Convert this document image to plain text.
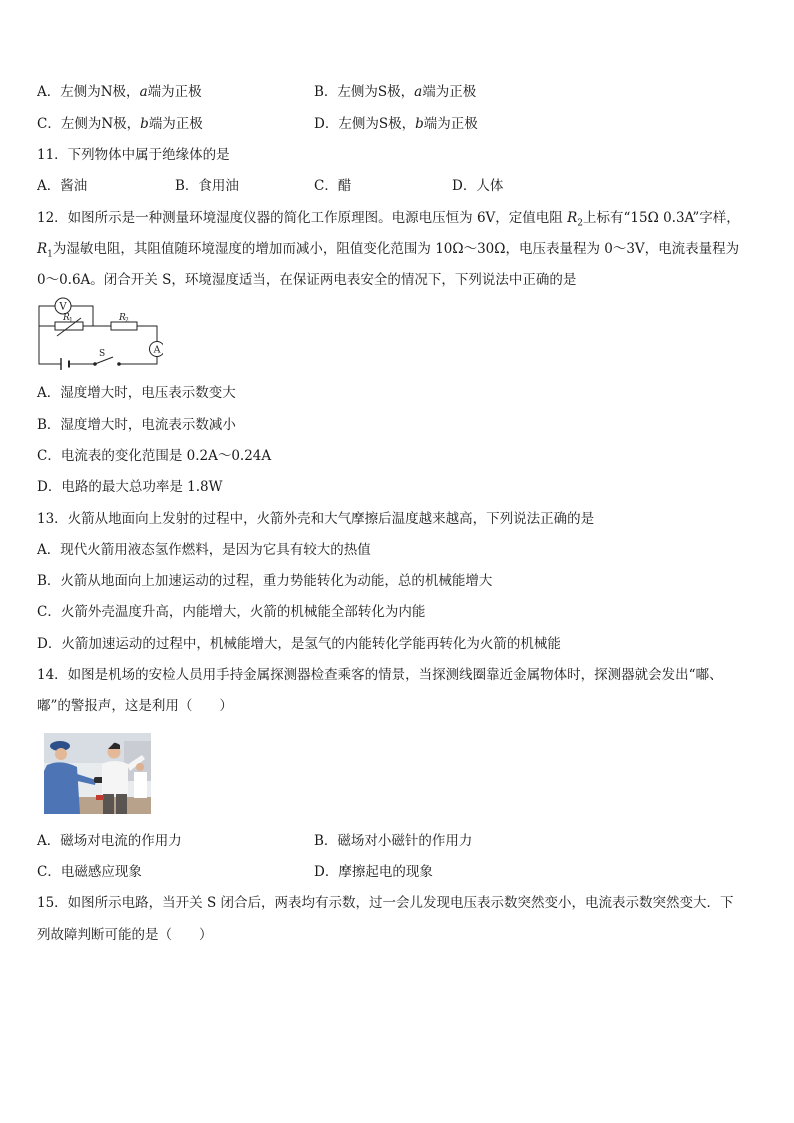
A．左侧为N极，a端为正极	B．左侧为S极，a端为正极
C．左侧为N极，b端为正极	D．左侧为S极，b端为正极
11．下列物体中属于绝缘体的是
A．酱油	B．食用油	C．醋	D．人体
12．如图所示是一种测量环境湿度仪器的简化工作原理图。电源电压恒为 6V，定值电阻 $R_2$上标有“15Ω 0.3A”字样，
$R_1$为湿敏电阻，其阻值随环境湿度的增加而减小，阻值变化范围为 10Ω～30Ω，电压表量程为 0～3V，电流表量程为
0～0.6A。闭合开关 S，环境湿度适当，在保证两电表安全的情况下，下列说法中正确的是
V
A
R 1	R 2
S
A．湿度增大时，电压表示数变大
B．湿度增大时，电流表示数减小
C．电流表的变化范围是 0.2A～0.24A
D．电路的最大总功率是 1.8W
13．火箭从地面向上发射的过程中，火箭外壳和大气摩擦后温度越来越高，下列说法正确的是
A．现代火箭用液态氢作燃料，是因为它具有较大的热值
B．火箭从地面向上加速运动的过程，重力势能转化为动能，总的机械能增大
C．火箭外壳温度升高，内能增大，火箭的机械能全部转化为内能
D．火箭加速运动的过程中，机械能增大，是氢气的内能转化学能再转化为火箭的机械能
14．如图是机场的安检人员用手持金属探测器检查乘客的情景，当探测线圈靠近金属物体时，探测器就会发出“嘟、
嘟”的警报声，这是利用（　　）
A．磁场对电流的作用力	B．磁场对小磁针的作用力
C．电磁感应现象	D．摩擦起电的现象
15．如图所示电路，当开关 S 闭合后，两表均有示数，过一会儿发现电压表示数突然变小，电流表示数突然变大．下
列故障判断可能的是（　　）
